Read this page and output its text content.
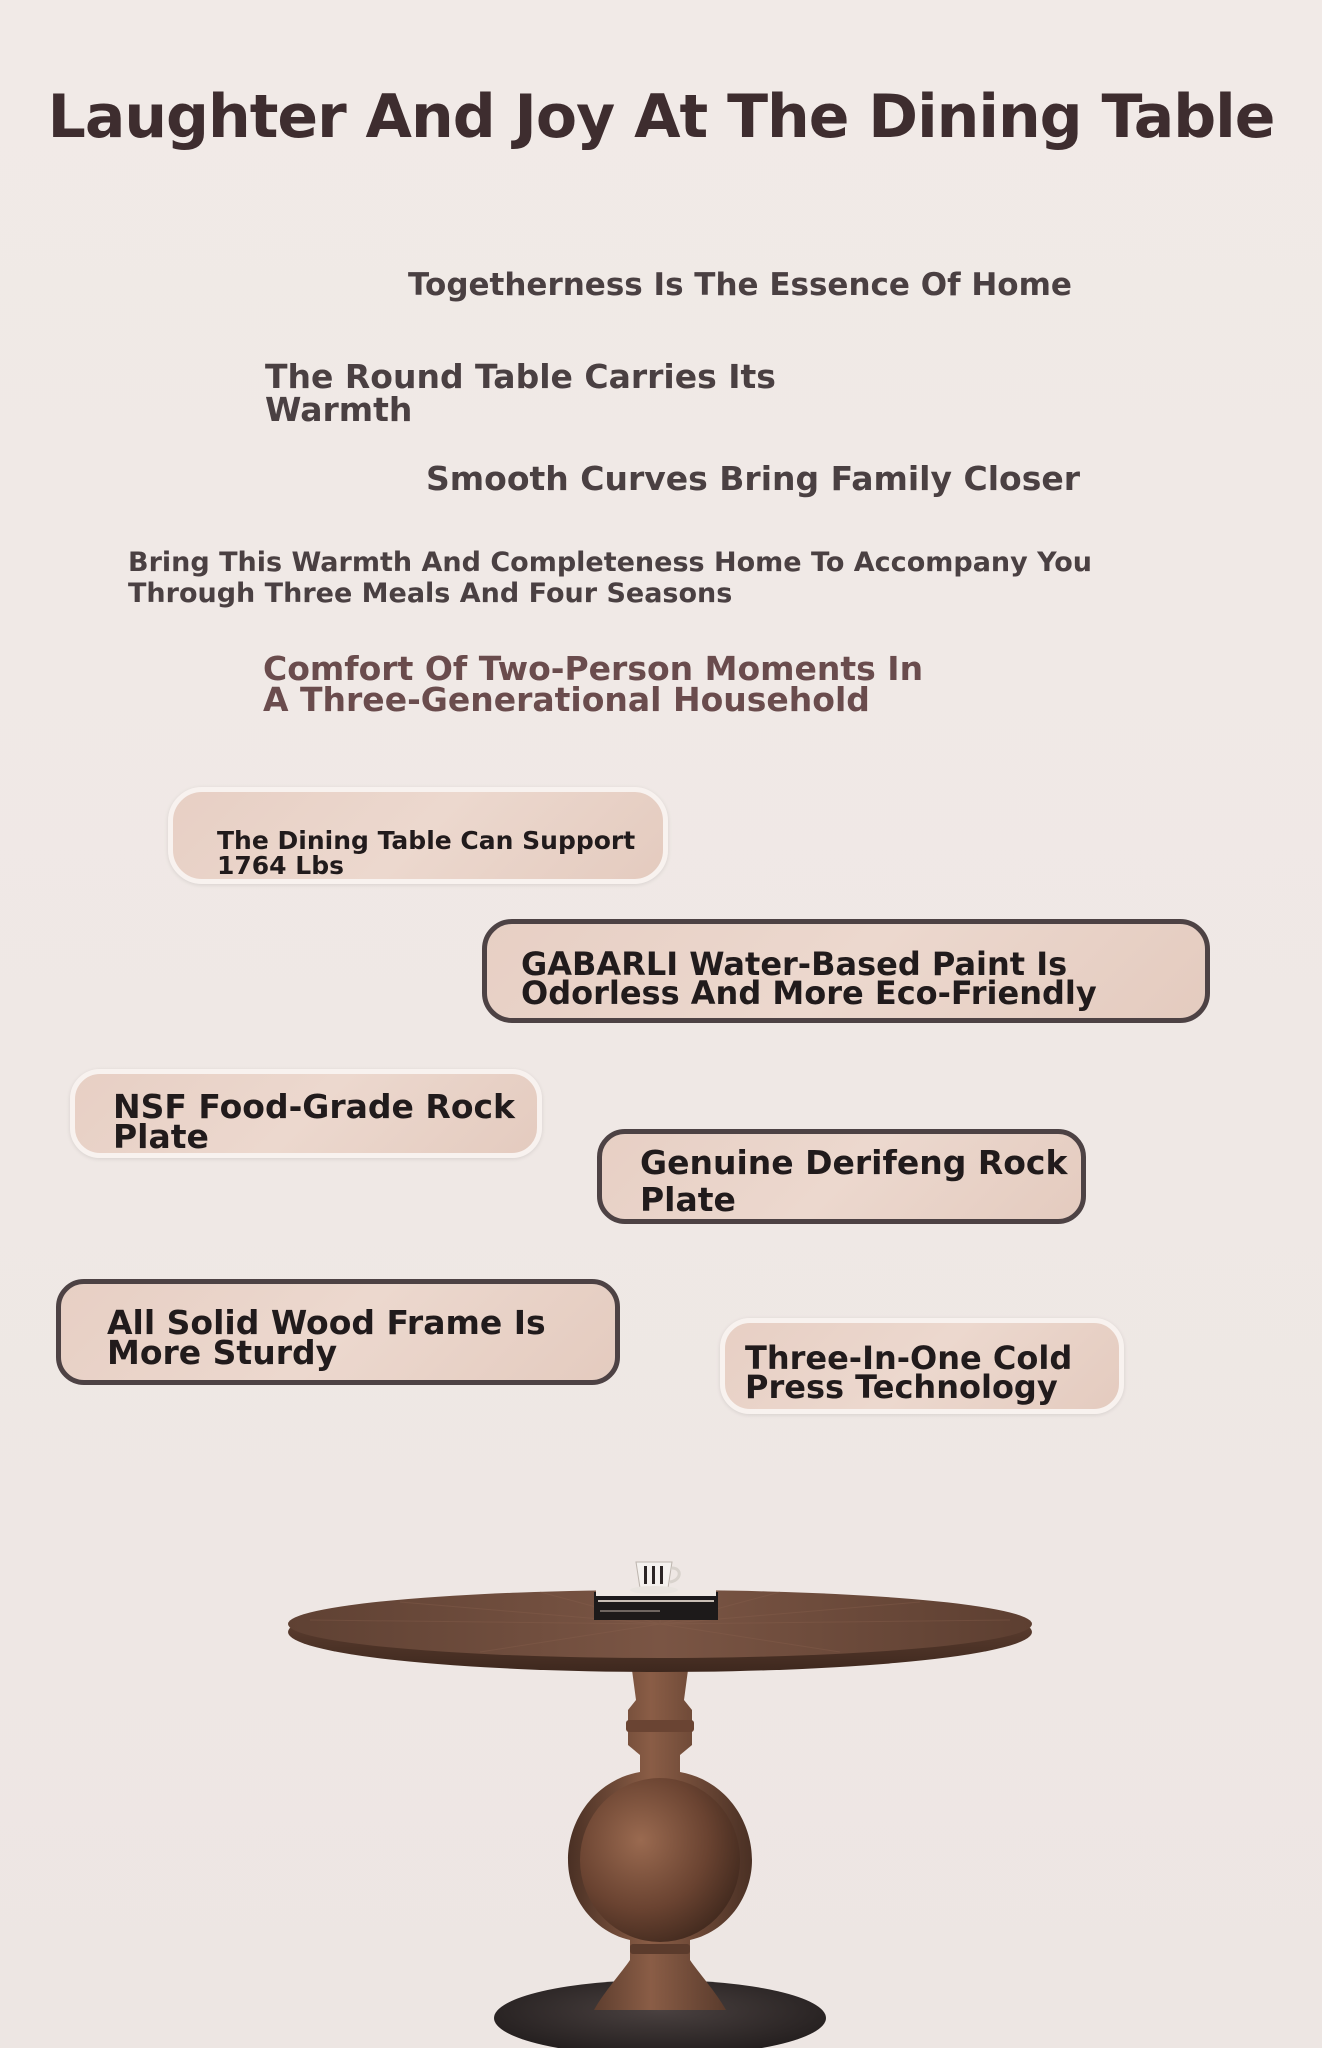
Laughter And Joy At The Dining Table
Togetherness Is The Essence Of Home
The Round Table Carries Its Warmth
Smooth Curves Bring Family Closer
Bring This Warmth And Completeness Home To Accompany You Through Three Meals And Four Seasons
Comfort Of Two-Person Moments In A Three-Generational Household
The Dining Table Can Support 1764 Lbs
GABARLI Water-Based Paint Is Odorless And More Eco-Friendly
NSF Food-Grade Rock Plate
Genuine Derifeng Rock Plate
All Solid Wood Frame Is More Sturdy	Three-In-One Cold Press Technology
